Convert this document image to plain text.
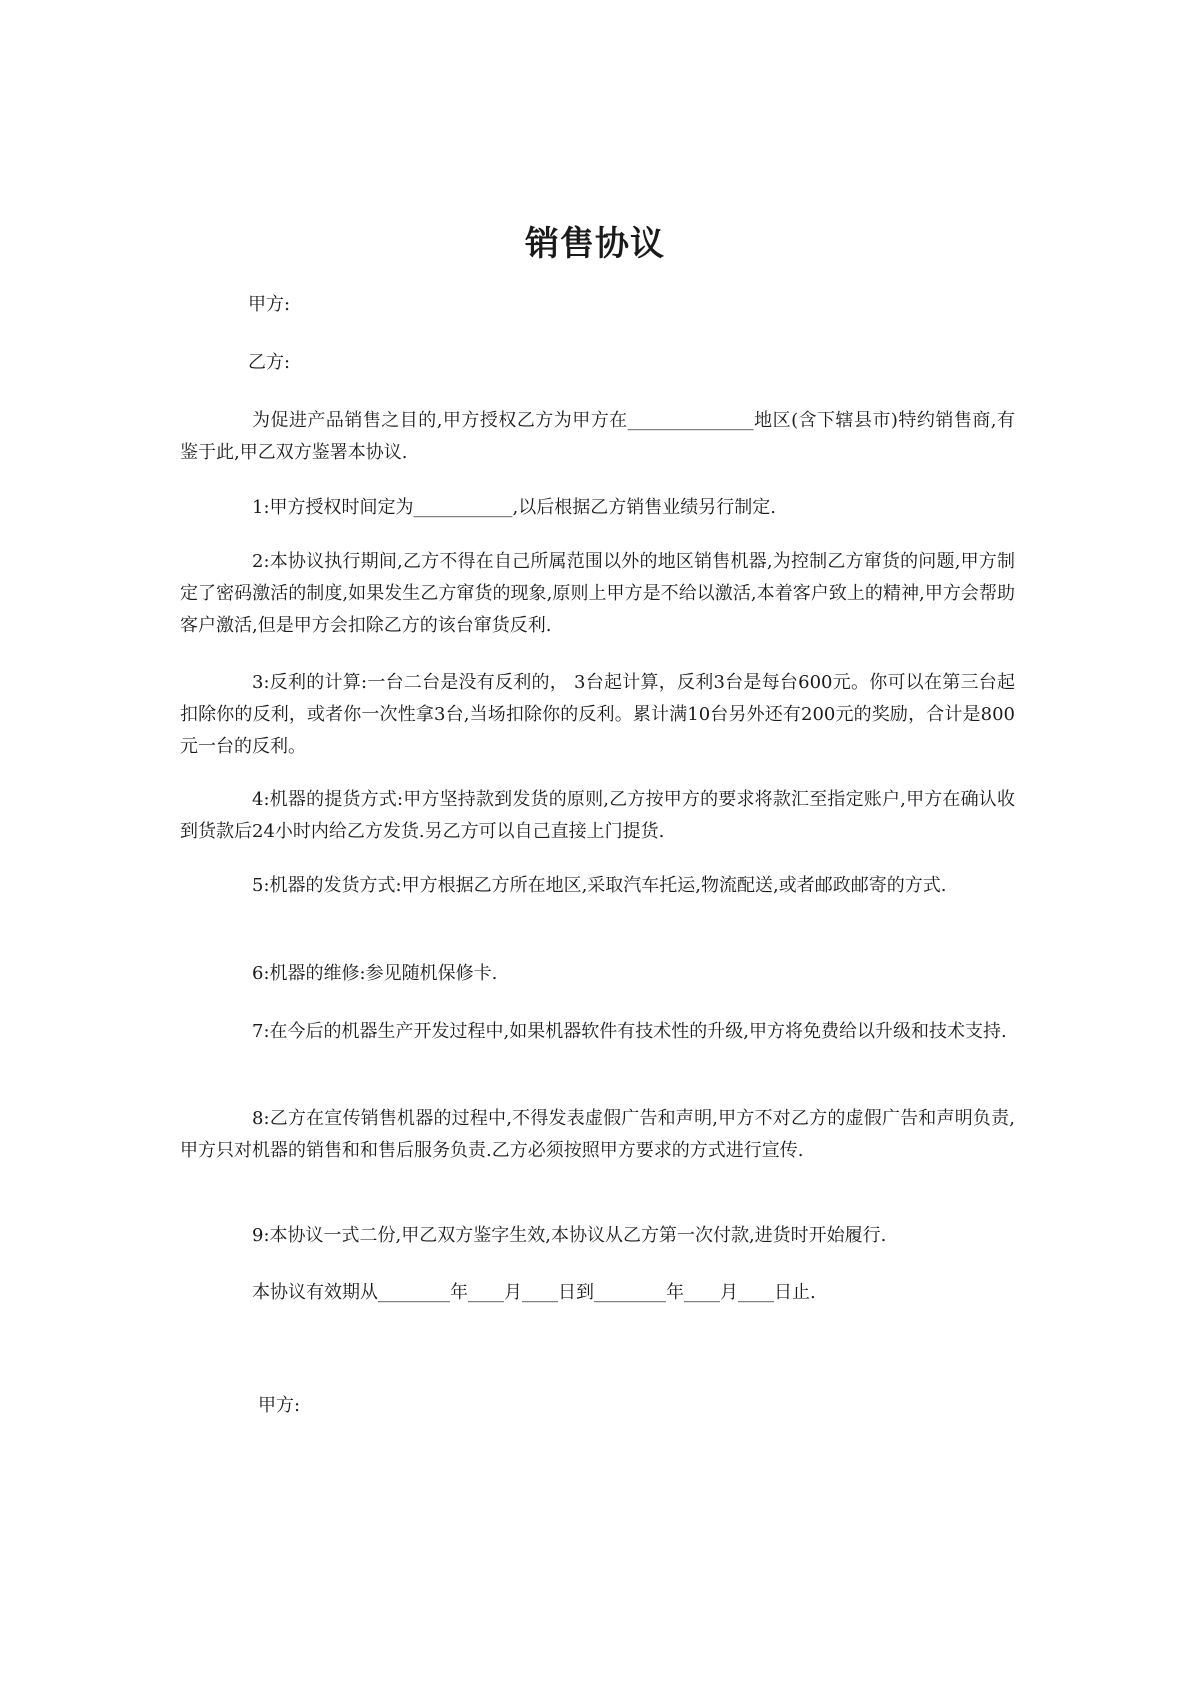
销售协议
甲方:
乙方:

为促进产品销售之目的,甲方授权乙方为甲方在______________地区(含下辖县市)特约销售商,有鉴于此,甲乙双方鉴署本协议.

1:甲方授权时间定为___________,以后根据乙方销售业绩另行制定.

2:本协议执行期间,乙方不得在自己所属范围以外的地区销售机器,为控制乙方窜货的问题,甲方制定了密码激活的制度,如果发生乙方窜货的现象,原则上甲方是不给以激活,本着客户致上的精神,甲方会帮助客户激活,但是甲方会扣除乙方的该台窜货反利.

3:反利的计算:一台二台是没有反利的， 3台起计算，反利3台是每台600元。你可以在第三台起扣除你的反利，或者你一次性拿3台,当场扣除你的反利。累计满10台另外还有200元的奖励，合计是800元一台的反利。

4:机器的提货方式:甲方坚持款到发货的原则,乙方按甲方的要求将款汇至指定账户,甲方在确认收到货款后24小时内给乙方发货.另乙方可以自己直接上门提货.

5:机器的发货方式:甲方根据乙方所在地区,采取汽车托运,物流配送,或者邮政邮寄的方式.

6:机器的维修:参见随机保修卡.

7:在今后的机器生产开发过程中,如果机器软件有技术性的升级,甲方将免费给以升级和技术支持.

8:乙方在宣传销售机器的过程中,不得发表虚假广告和声明,甲方不对乙方的虚假广告和声明负责,甲方只对机器的销售和和售后服务负责.乙方必须按照甲方要求的方式进行宣传.

9:本协议一式二份,甲乙双方鉴字生效,本协议从乙方第一次付款,进货时开始履行.

本协议有效期从________年____月____日到________年____月____日止.

甲方:
